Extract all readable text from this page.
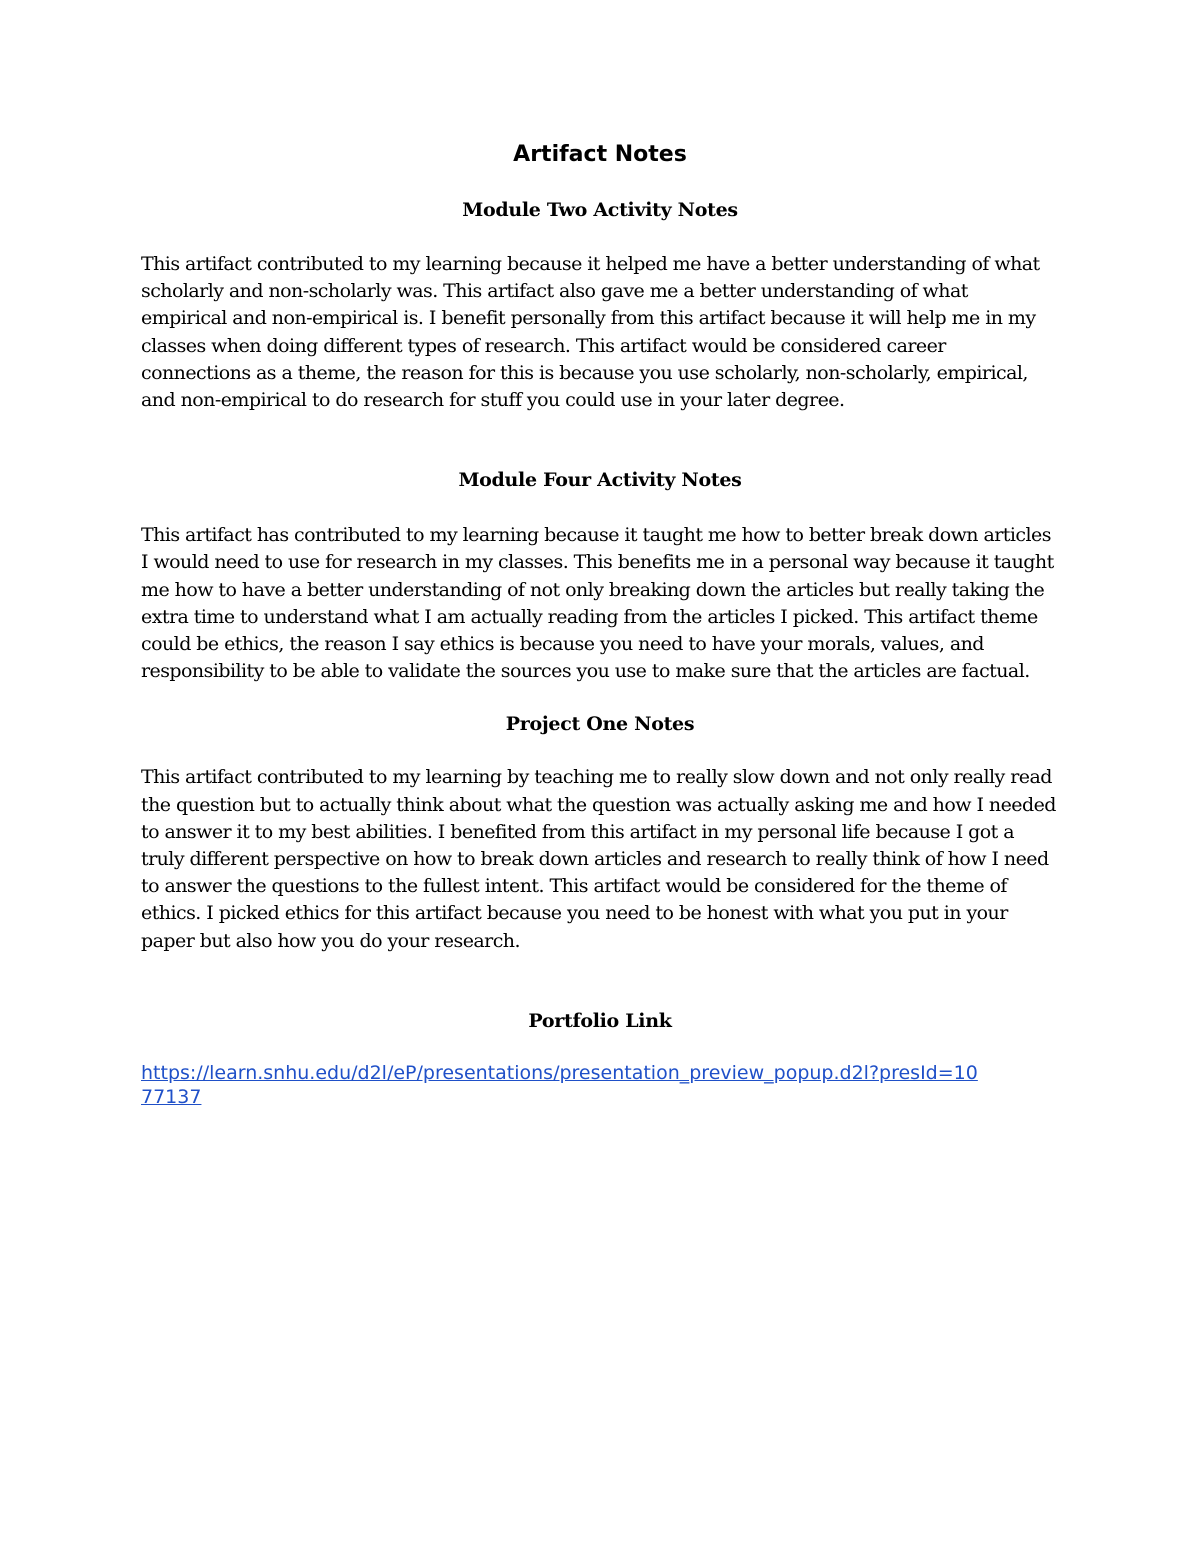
Artifact Notes
Module Two Activity Notes

This artifact contributed to my learning because it helped me have a better understanding of what scholarly and non-scholarly was. This artifact also gave me a better understanding of what empirical and non-empirical is. I benefit personally from this artifact because it will help me in my classes when doing different types of research. This artifact would be considered career connections as a theme, the reason for this is because you use scholarly, non-scholarly, empirical, and non-empirical to do research for stuff you could use in your later degree.

Module Four Activity Notes

This artifact has contributed to my learning because it taught me how to better break down articles I would need to use for research in my classes. This benefits me in a personal way because it taught me how to have a better understanding of not only breaking down the articles but really taking the extra time to understand what I am actually reading from the articles I picked. This artifact theme could be ethics, the reason I say ethics is because you need to have your morals, values, and responsibility to be able to validate the sources you use to make sure that the articles are factual.

Project One Notes

This artifact contributed to my learning by teaching me to really slow down and not only really read the question but to actually think about what the question was actually asking me and how I needed to answer it to my best abilities. I benefited from this artifact in my personal life because I got a truly different perspective on how to break down articles and research to really think of how I need to answer the questions to the fullest intent. This artifact would be considered for the theme of ethics. I picked ethics for this artifact because you need to be honest with what you put in your paper but also how you do your research.

Portfolio Link
https://learn.snhu.edu/d2l/eP/presentations/presentation_preview_popup.d2l?presId=1077137
